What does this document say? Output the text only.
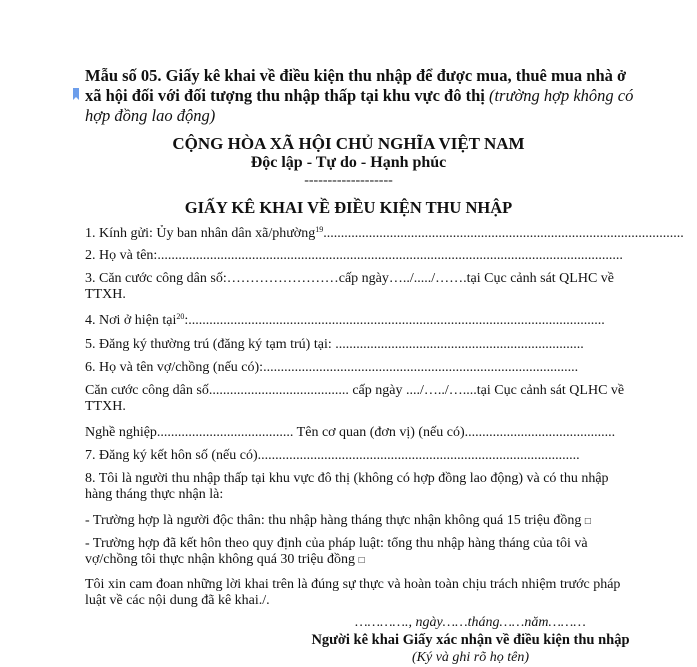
Mẫu số 05. Giấy kê khai về điều kiện thu nhập để được mua, thuê mua nhà ở xã hội đối với đối tượng thu nhập thấp tại khu vực đô thị (trường hợp không có hợp đồng lao động)
CỘNG HÒA XÃ HỘI CHỦ NGHĨA VIỆT NAM
Độc lập - Tự do - Hạnh phúc
-------------------
GIẤY KÊ KHAI VỀ ĐIỀU KIỆN THU NHẬP
1. Kính gửi: Ủy ban nhân dân xã/phường$^{19}$.......................................................................................................
2. Họ và tên:.....................................................................................................................................
3. Căn cước công dân số:……………………cấp ngày…../...../…….tại Cục cảnh sát QLHC về TTXH.
4. Nơi ở hiện tại$^{20}$:.......................................................................................................................
5. Đăng ký thường trú (đăng ký tạm trú) tại: .......................................................................
6. Họ và tên vợ/chồng (nếu có):..........................................................................................
Căn cước công dân số........................................ cấp ngày ..../…../…....tại Cục cảnh sát QLHC về TTXH.
Nghề nghiệp....................................... Tên cơ quan (đơn vị) (nếu có)...........................................
7. Đăng ký kết hôn số (nếu có)............................................................................................
8. Tôi là người thu nhập thấp tại khu vực đô thị (không có hợp đồng lao động) và có thu nhập hàng tháng thực nhận là:
- Trường hợp là người độc thân: thu nhập hàng tháng thực nhận không quá 15 triệu đồng □
- Trường hợp đã kết hôn theo quy định của pháp luật: tổng thu nhập hàng tháng của tôi và vợ/chồng tôi thực nhận không quá 30 triệu đồng □
Tôi xin cam đoan những lời khai trên là đúng sự thực và hoàn toàn chịu trách nhiệm trước pháp luật về các nội dung đã kê khai./.
…………., ngày……tháng……năm………
Người kê khai Giấy xác nhận về điều kiện thu nhập
(Ký và ghi rõ họ tên)
